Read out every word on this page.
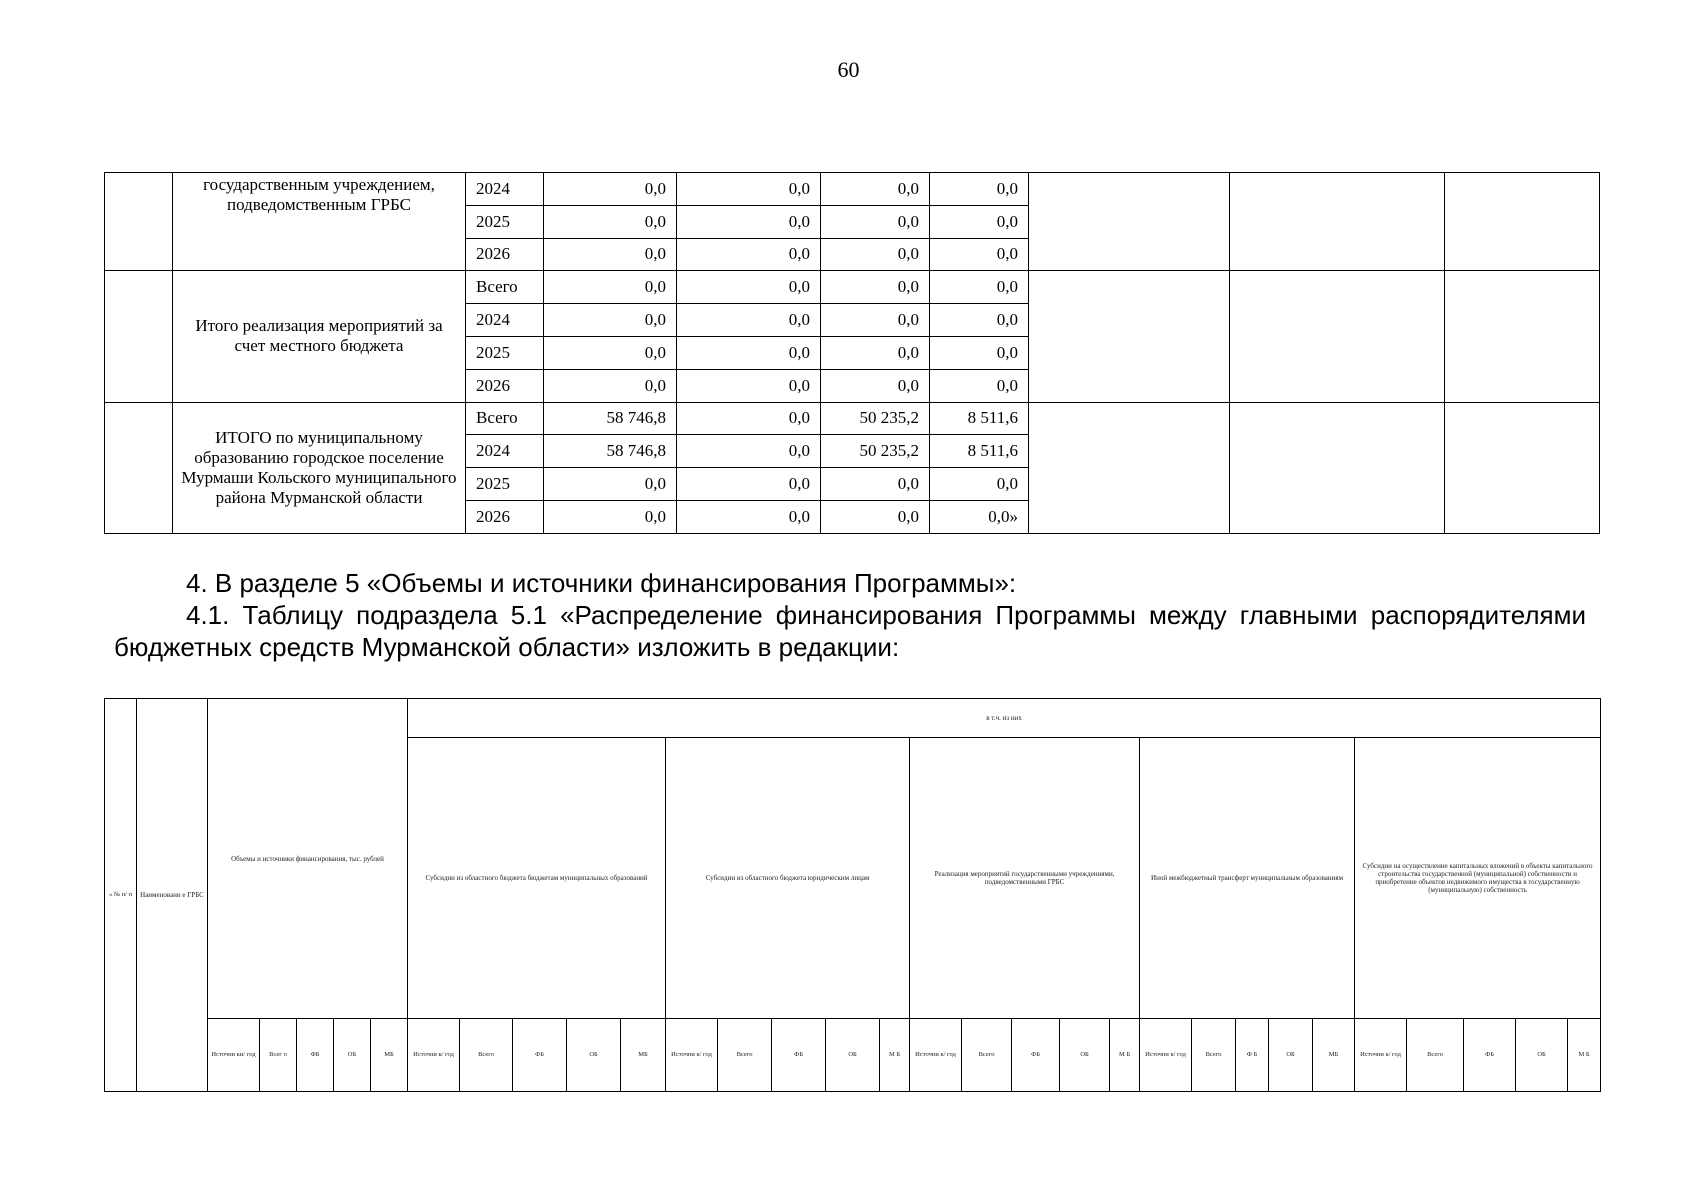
60
	государственным учреждением, подведомственным ГРБС	2024	0,0	0,0	0,0	0,0			
		2025	0,0	0,0	0,0	0,0			
		2026	0,0	0,0	0,0	0,0			
	Итого реализация мероприятий за счет местного бюджета	Всего	0,0	0,0	0,0	0,0			
		2024	0,0	0,0	0,0	0,0			
		2025	0,0	0,0	0,0	0,0			
		2026	0,0	0,0	0,0	0,0			
	ИТОГО по муниципальному образованию городское поселение Мурмаши Кольского муниципального района Мурманской области	Всего	58 746,8	0,0	50 235,2	8 511,6			
		2024	58 746,8	0,0	50 235,2	8 511,6			
		2025	0,0	0,0	0,0	0,0			
		2026	0,0	0,0	0,0	0,0»			
4. В разделе 5 «Объемы и источники финансирования Программы»:
4.1. Таблицу подраздела 5.1 «Распределение финансирования Программы между главными распорядителями бюджетных средств Мурманской области» изложить в редакции:
« № п/ п	Наименовани е ГРБС	Объемы и источники финансирования, тыс. рублей					в т.ч. из них																								
							Субсидии из областного бюджета бюджетам муниципальных образований					Субсидии из областного бюджета юридическим лицам					Реализация мероприятий государственными учреждениями, подведомственными ГРБС					Иной межбюджетный трансферт муниципальным образованиям					Субсидии на осуществление капитальных вложений в объекты капитального строительства государственной (муниципальной) собственности и приобретение объектов недвижимого имущества в государственную (муниципальную) собственность				
		Источни ки/ год	Всег о	ФБ	ОБ	МБ	Источни к/ год	Всего	ФБ	ОБ	МБ	Источни к/ год	Всего	ФБ	ОБ	М Б	Источни к/ год	Всего	ФБ	ОБ	М Б	Источни к/ год	Всего	Ф Б	ОБ	МБ	Источни к/ год	Всего	ФБ	ОБ	М Б
